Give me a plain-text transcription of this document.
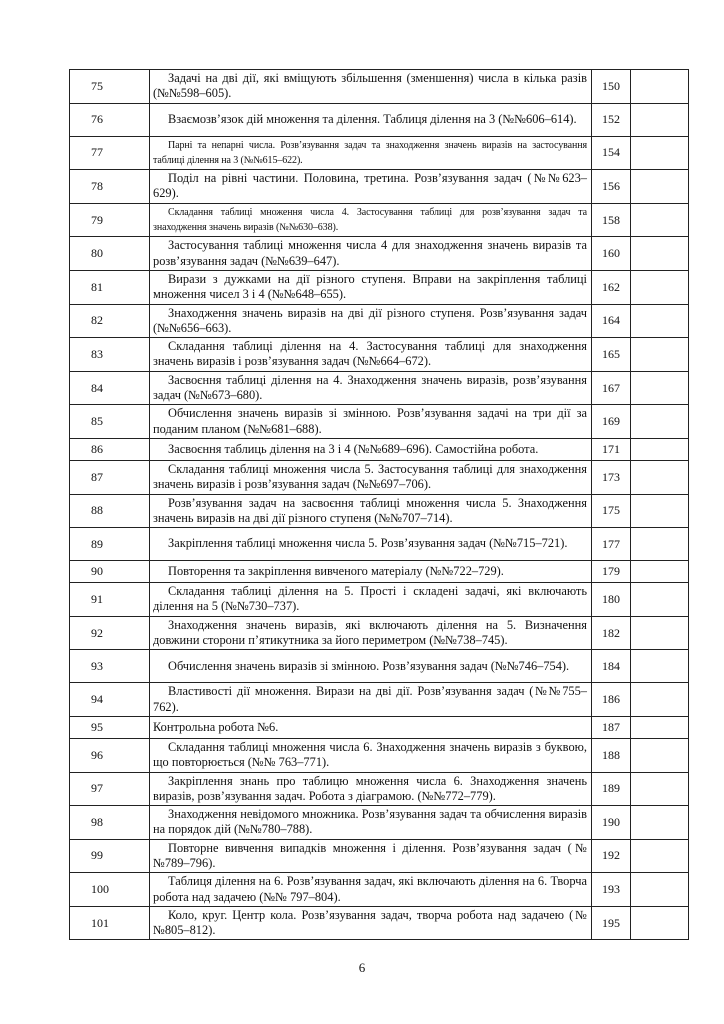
75	Задачі на дві дії, які вміщують збільшення (зменшення) числа в кілька разів (№№598–605).	150	
76	Взаємозв’язок дій множення та ділення. Таблиця ділення на 3 (№№606–614).	152	
77	Парні та непарні числа. Розв’язування задач та знаходження значень виразів на застосування таблиці ділення на 3 (№№615–622).	154	
78	Поділ на рівні частини. Половина, третина. Розв’язування задач (№№623–629).	156	
79	Складання таблиці множення числа 4. Застосування таблиці для розв’язування задач та знаходження значень виразів (№№630–638).	158	
80	Застосування таблиці множення числа 4 для знаходження значень виразів та розв’язування задач (№№639–647).	160	
81	Вирази з дужками на дії різного ступеня. Вправи на закріплення таблиці множення чисел 3 і 4 (№№648–655).	162	
82	Знаходження значень виразів на дві дії різного ступеня. Розв’язування задач (№№656–663).	164	
83	Складання таблиці ділення на 4. Застосування таблиці для знаходження значень виразів і розв’язування задач (№№664–672).	165	
84	Засвоєння таблиці ділення на 4. Знаходження значень виразів, розв’язування задач (№№673–680).	167	
85	Обчислення значень виразів зі змінною. Розв’язування задачі на три дії за поданим планом (№№681–688).	169	
86	Засвоєння таблиць ділення на 3 і 4 (№№689–696). Самостійна робота.	171	
87	Складання таблиці множення числа 5. Застосування таблиці для знаходження значень виразів і розв’язування задач (№№697–706).	173	
88	Розв’язування задач на засвоєння таблиці множення числа 5. Знаходження значень виразів на дві дії різного ступеня (№№707–714).	175	
89	Закріплення таблиці множення числа 5. Розв’язування задач (№№715–721).	177	
90	Повторення та закріплення вивченого матеріалу (№№722–729).	179	
91	Складання таблиці ділення на 5. Прості і складені задачі, які включають ділення на 5 (№№730–737).	180	
92	Знаходження значень виразів, які включають ділення на 5. Визначення довжини сторони п’ятикутника за його периметром (№№738–745).	182	
93	Обчислення значень виразів зі змінною. Розв’язування задач (№№746–754).	184	
94	Властивості дії множення. Вирази на дві дії. Розв’язування задач (№№755–762).	186	
95	Контрольна робота №6.	187	
96	Складання таблиці множення числа 6. Знаходження значень виразів з буквою, що повторюється (№№ 763–771).	188	
97	Закріплення знань про таблицю множення числа 6. Знаходження значень виразів, розв’язування задач. Робота з діаграмою. (№№772–779).	189	
98	Знаходження невідомого множника. Розв’язування задач та обчислення виразів на порядок дій (№№780–788).	190	
99	Повторне вивчення випадків множення і ділення. Розв’язування задач (№№789–796).	192	
100	Таблиця ділення на 6. Розв’язування задач, які включають ділення на 6. Творча робота над задачею (№№ 797–804).	193	
101	Коло, круг. Центр кола. Розв’язування задач, творча робота над задачею (№№805–812).	195	
6
